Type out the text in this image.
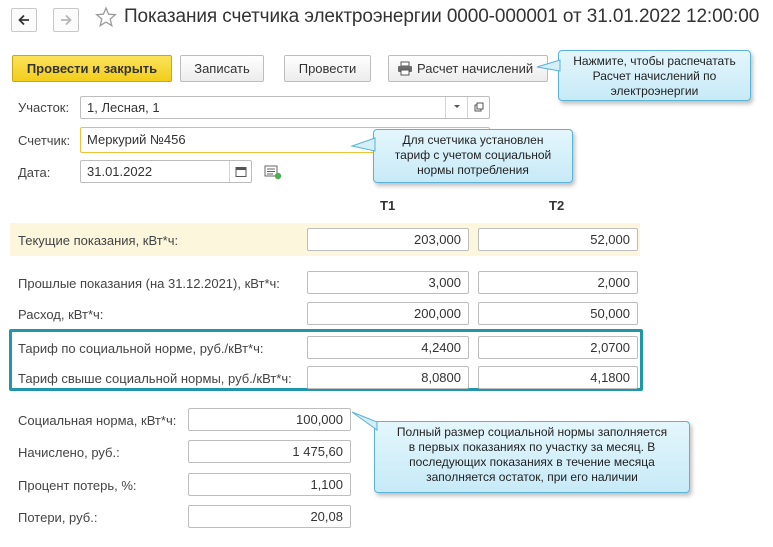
Показания счетчика электроэнергии 0000-000001 от 31.01.2022 12:00:00
Провести и закрыть	Записать	Провести	Расчет начислений	Нажмите, чтобы распечатать
Расчет начислений по
электроэнергии
Участок:	1, Лесная, 1
Счетчик:	Меркурий №456
Дата:	31.01.2022
Для счетчика установлен
тариф с учетом социальной
нормы потребления
Т1	Т2
Текущие показания, кВт*ч:	203,000	52,000
Прошлые показания (на 31.12.2021), кВт*ч:	3,000	2,000
Расход, кВт*ч:	200,000	50,000
Тариф по социальной норме, руб./кВт*ч:	4,2400	2,0700
Тариф свыше социальной нормы, руб./кВт*ч:	8,0800	4,1800
Социальная норма, кВт*ч:	100,000
Начислено, руб.:	1 475,60
Процент потерь, %:	1,100
Потери, руб.:	20,08
Полный размер социальной нормы заполняется
в первых показаниях по участку за месяц. В
последующих показаниях в течение месяца
заполняется остаток, при его наличии
